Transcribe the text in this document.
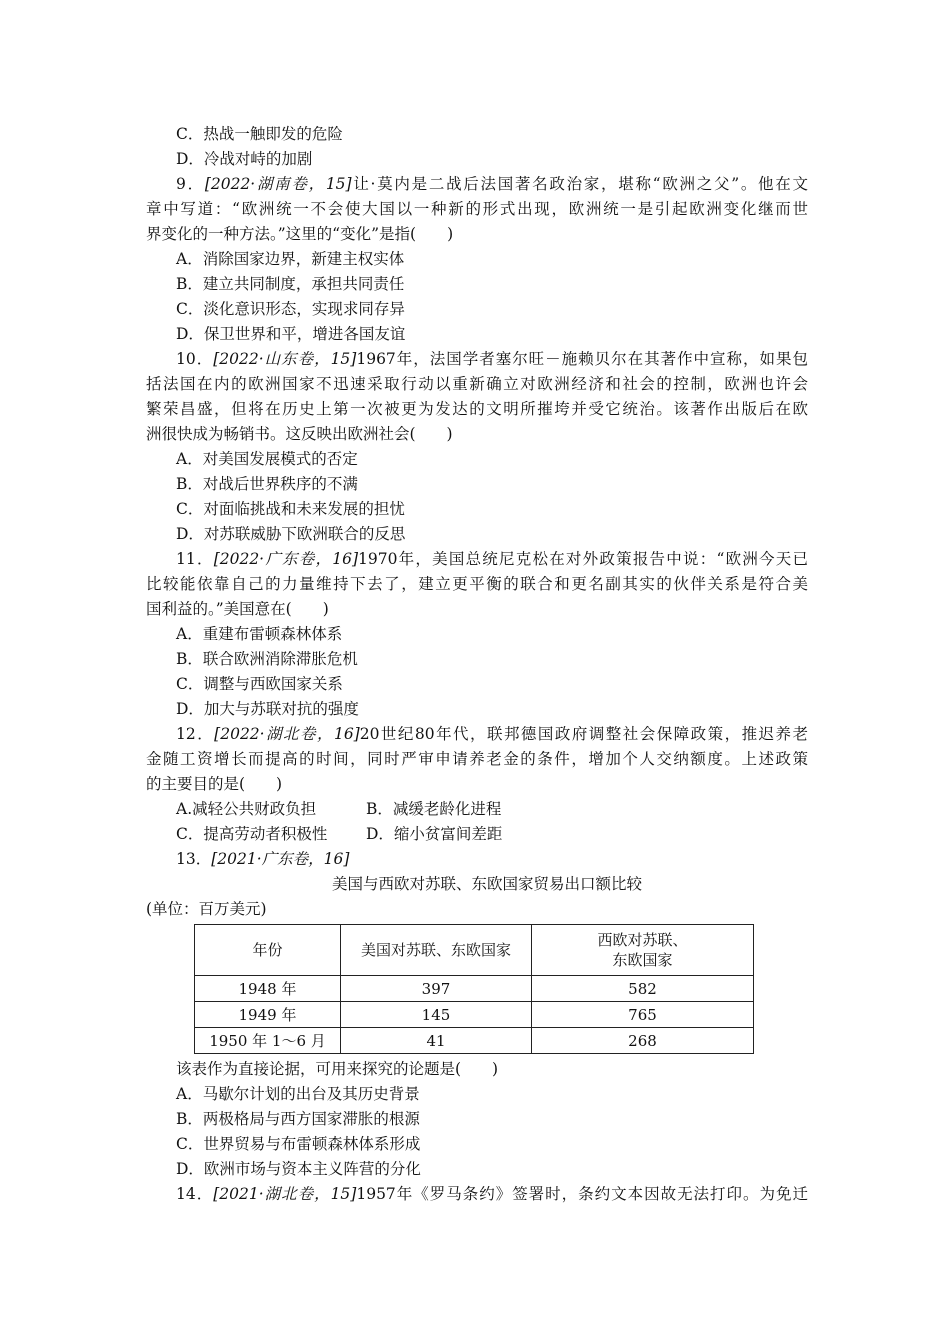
C．热战一触即发的危险
D．冷战对峙的加剧
9．[2022·湖南卷，15]让·莫内是二战后法国著名政治家，堪称“欧洲之父”。他在文
章中写道：“欧洲统一不会使大国以一种新的形式出现，欧洲统一是引起欧洲变化继而世
界变化的一种方法。”这里的“变化”是指(　　)
A．消除国家边界，新建主权实体
B．建立共同制度，承担共同责任
C．淡化意识形态，实现求同存异
D．保卫世界和平，增进各国友谊
10．[2022·山东卷，15]1967年，法国学者塞尔旺－施赖贝尔在其著作中宣称，如果包
括法国在内的欧洲国家不迅速采取行动以重新确立对欧洲经济和社会的控制，欧洲也许会
繁荣昌盛，但将在历史上第一次被更为发达的文明所摧垮并受它统治。该著作出版后在欧
洲很快成为畅销书。这反映出欧洲社会(　　)
A．对美国发展模式的否定
B．对战后世界秩序的不满
C．对面临挑战和未来发展的担忧
D．对苏联威胁下欧洲联合的反思
11．[2022·广东卷，16]1970年，美国总统尼克松在对外政策报告中说：“欧洲今天已
比较能依靠自己的力量维持下去了，建立更平衡的联合和更名副其实的伙伴关系是符合美
国利益的。”美国意在(　　)
A．重建布雷顿森林体系
B．联合欧洲消除滞胀危机
C．调整与西欧国家关系
D．加大与苏联对抗的强度
12．[2022·湖北卷，16]20世纪80年代，联邦德国政府调整社会保障政策，推迟养老
金随工资增长而提高的时间，同时严审申请养老金的条件，增加个人交纳额度。上述政策
的主要目的是(　　)
A.减轻公共财政负担	B．减缓老龄化进程
C．提高劳动者积极性 D．缩小贫富间差距
13．[2021·广东卷，16]
美国与西欧对苏联、东欧国家贸易出口额比较
(单位：百万美元)
年份	美国对苏联、东欧国家	西欧对苏联、
东欧国家
1948 年	397	582
1949 年	145	765
1950 年 1～6 月	41	268
该表作为直接论据，可用来探究的论题是(　　)
A．马歇尔计划的出台及其历史背景
B．两极格局与西方国家滞胀的根源
C．世界贸易与布雷顿森林体系形成
D．欧洲市场与资本主义阵营的分化
14．[2021·湖北卷，15]1957年《罗马条约》签署时，条约文本因故无法打印。为免迁
